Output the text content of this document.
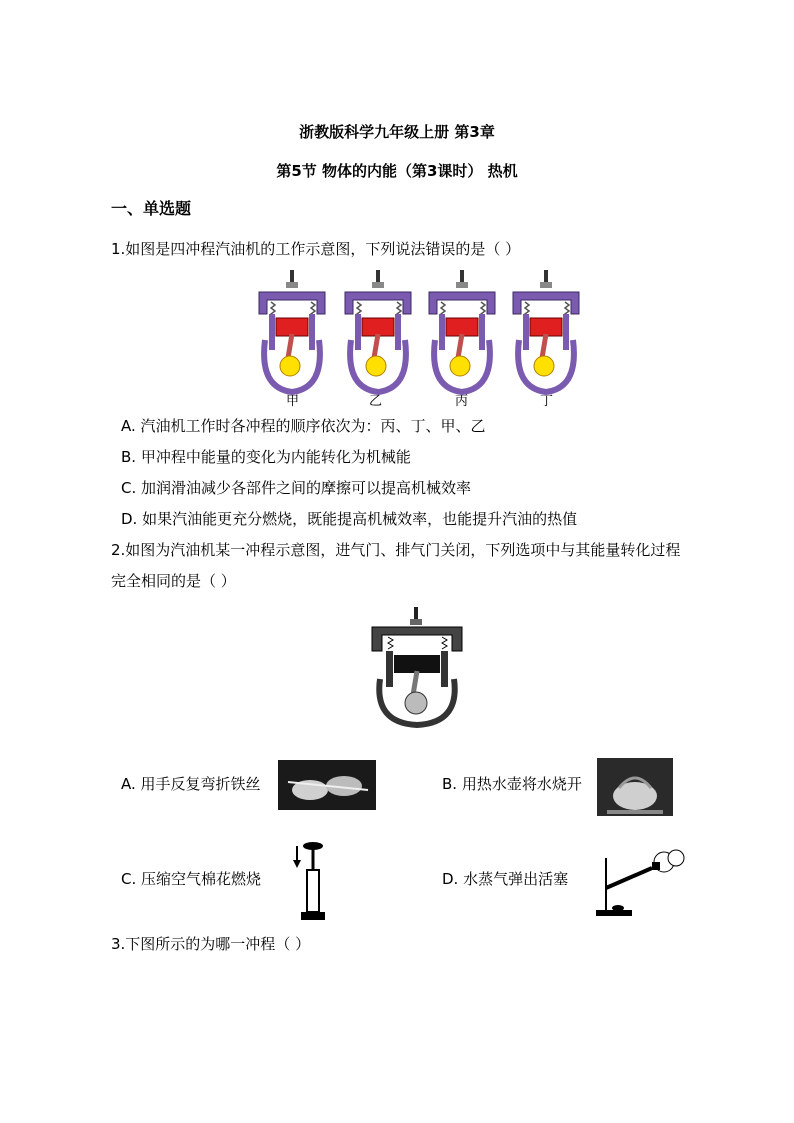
浙教版科学九年级上册 第3章
第5节 物体的内能（第3课时） 热机
一、单选题
1.如图是四冲程汽油机的工作示意图，下列说法错误的是（ ）
甲	乙	丙	丁
A. 汽油机工作时各冲程的顺序依次为：丙、丁、甲、乙
B. 甲冲程中能量的变化为内能转化为机械能
C. 加润滑油减少各部件之间的摩擦可以提高机械效率
D. 如果汽油能更充分燃烧，既能提高机械效率，也能提升汽油的热值
2.如图为汽油机某一冲程示意图，进气门、排气门关闭，下列选项中与其能量转化过程
完全相同的是（ ）
A. 用手反复弯折铁丝	B. 用热水壶将水烧开
C. 压缩空气棉花燃烧	D. 水蒸气弹出活塞
3.下图所示的为哪一冲程（ ）
